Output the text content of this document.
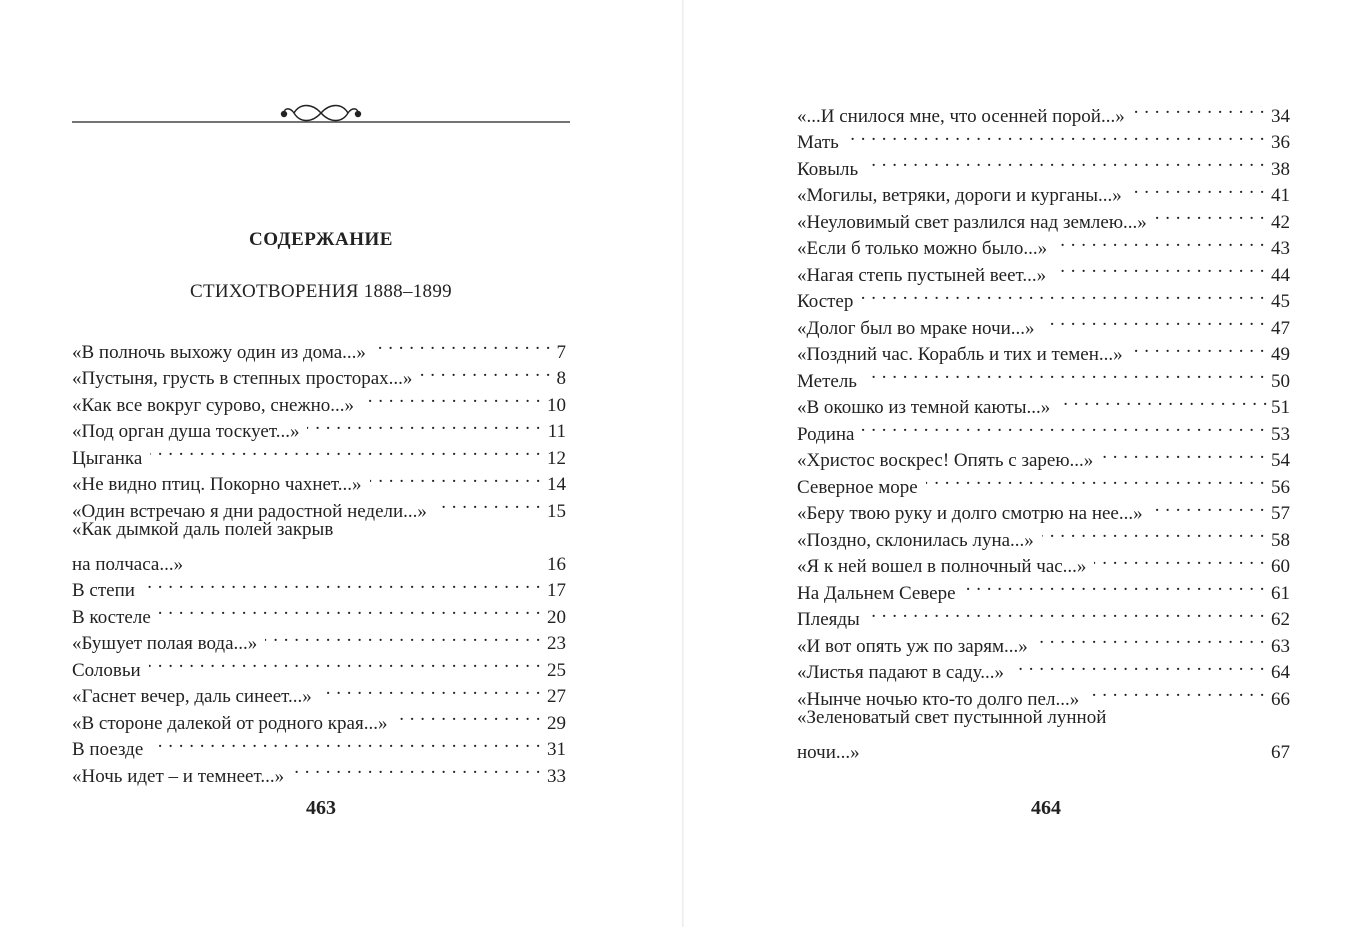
СОДЕРЖАНИЕ
СТИХОТВОРЕНИЯ 1888–1899
«В полночь выхожу один из дома...» . . .	7
«Пустыня, грусть в степных просторах...» . . .	8
«Как все вокруг сурово, снежно...» . . .	10
«Под орган душа тоскует...» . . .	11
Цыганка . . .	12
«Не видно птиц. Покорно чахнет...» . . .	14
«Один встречаю я дни радостной недели...» . . .	15
«Как дымкой даль полей закрыв
на полчаса...»	16
В степи . . .	17
В костеле . . .	20
«Бушует полая вода...» . . .	23
Соловьи . . .	25
«Гаснет вечер, даль синеет...» . . .	27
«В стороне далекой от родного края...» . . .	29
В поезде . . .	31
«Ночь идет – и темнеет...» . . .	33
463
«...И снилося мне, что осенней порой...» . . .	34
Мать . . .	36
Ковыль . . .	38
«Могилы, ветряки, дороги и курганы...» . . .	41
«Неуловимый свет разлился над землею...» . . .	42
«Если б только можно было...» . . .	43
«Нагая степь пустыней веет...» . . .	44
Костер . . .	45
«Долог был во мраке ночи...» . . .	47
«Поздний час. Корабль и тих и темен...» . . .	49
Метель . . .	50
«В окошко из темной каюты...» . . .	51
Родина . . .	53
«Христос воскрес! Опять с зарею...» . . .	54
Северное море . . .	56
«Беру твою руку и долго смотрю на нее...» . . .	57
«Поздно, склонилась луна...» . . .	58
«Я к ней вошел в полночный час...» . . .	60
На Дальнем Севере . . .	61
Плеяды . . .	62
«И вот опять уж по зарям...» . . .	63
«Листья падают в саду...» . . .	64
«Нынче ночью кто-то долго пел...» . . .	66
«Зеленоватый свет пустынной лунной
ночи...»	67
464
